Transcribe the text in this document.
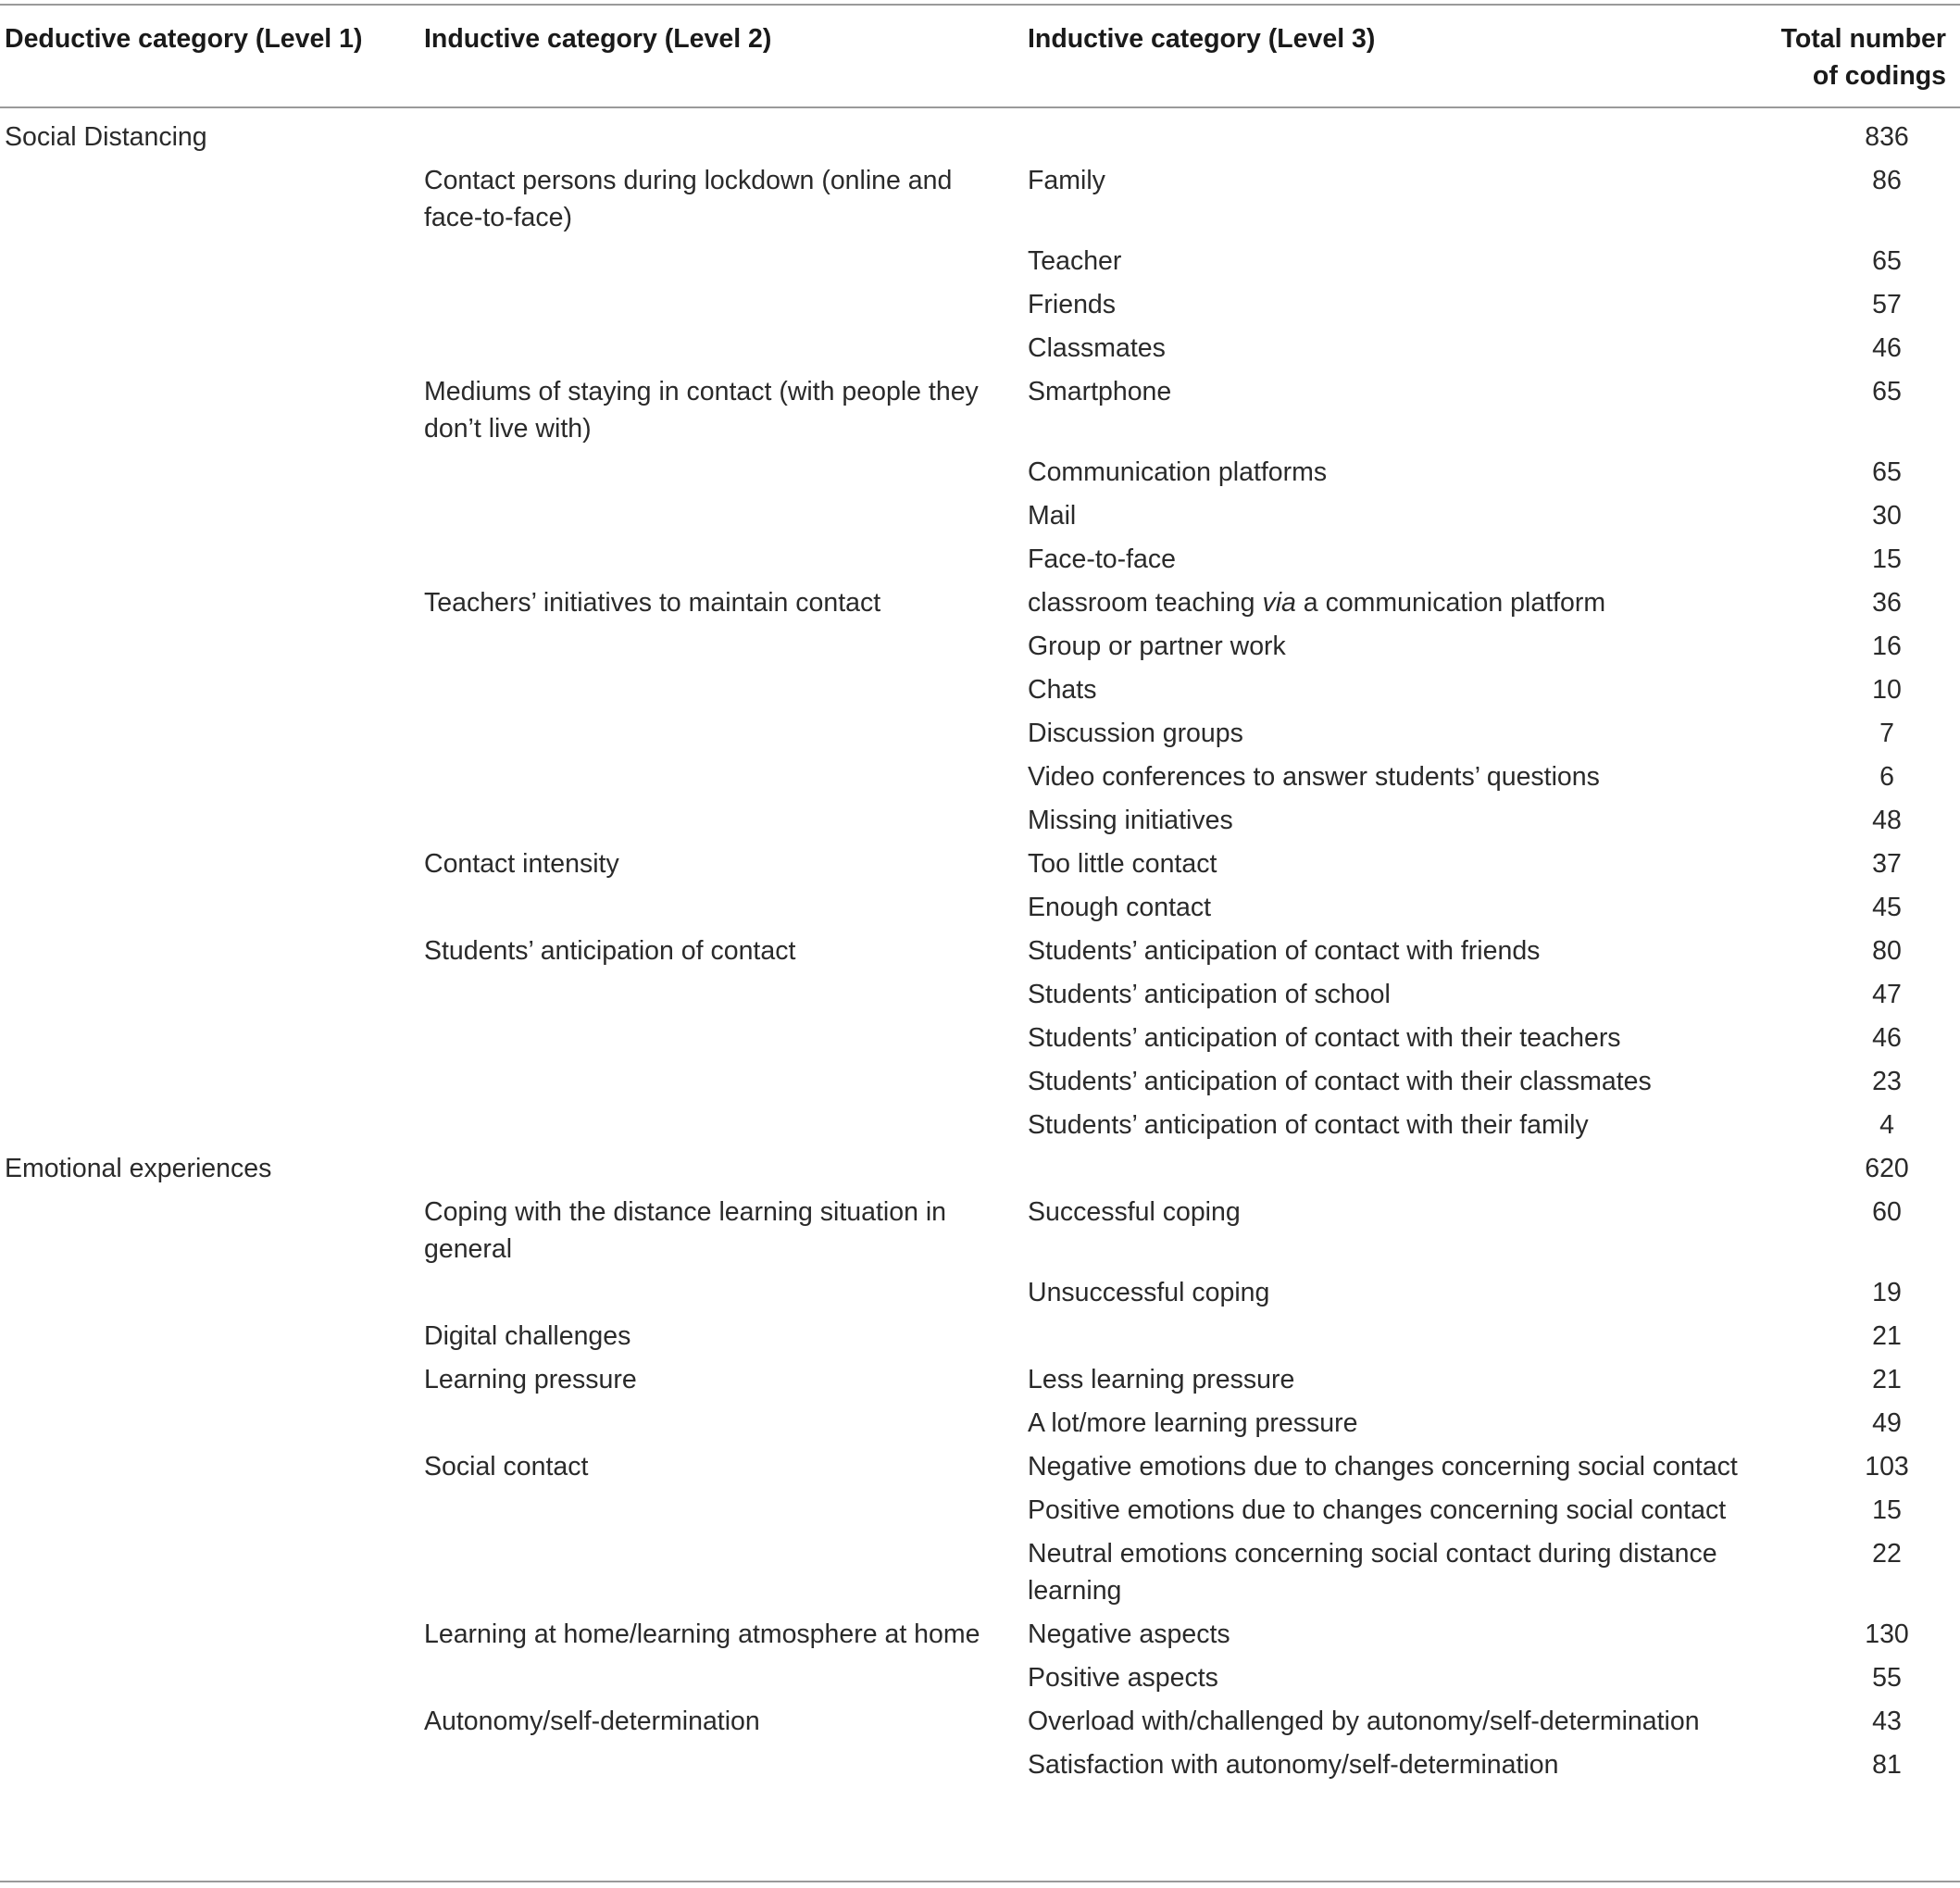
Deductive category (Level 1)	Inductive category (Level 2)	Inductive category (Level 3)	Total number
of codings
Social Distancing			836
	Contact persons during lockdown (online and face-to-face)	Family	86
		Teacher	65
		Friends	57
		Classmates	46
	Mediums of staying in contact (with people they don’t live with)	Smartphone	65
		Communication platforms	65
		Mail	30
		Face-to-face	15
	Teachers’ initiatives to maintain contact	classroom teaching via a communication platform	36
		Group or partner work	16
		Chats	10
		Discussion groups	7
		Video conferences to answer students’ questions	6
		Missing initiatives	48
	Contact intensity	Too little contact	37
		Enough contact	45
	Students’ anticipation of contact	Students’ anticipation of contact with friends	80
		Students’ anticipation of school	47
		Students’ anticipation of contact with their teachers	46
		Students’ anticipation of contact with their classmates	23
		Students’ anticipation of contact with their family	4
Emotional experiences			620
	Coping with the distance learning situation in general	Successful coping	60
		Unsuccessful coping	19
	Digital challenges		21
	Learning pressure	Less learning pressure	21
		A lot/more learning pressure	49
	Social contact	Negative emotions due to changes concerning social contact	103
		Positive emotions due to changes concerning social contact	15
		Neutral emotions concerning social contact during distance learning	22
	Learning at home/learning atmosphere at home	Negative aspects	130
		Positive aspects	55
	Autonomy/self-determination	Overload with/challenged by autonomy/self-determination	43
		Satisfaction with autonomy/self-determination	81
